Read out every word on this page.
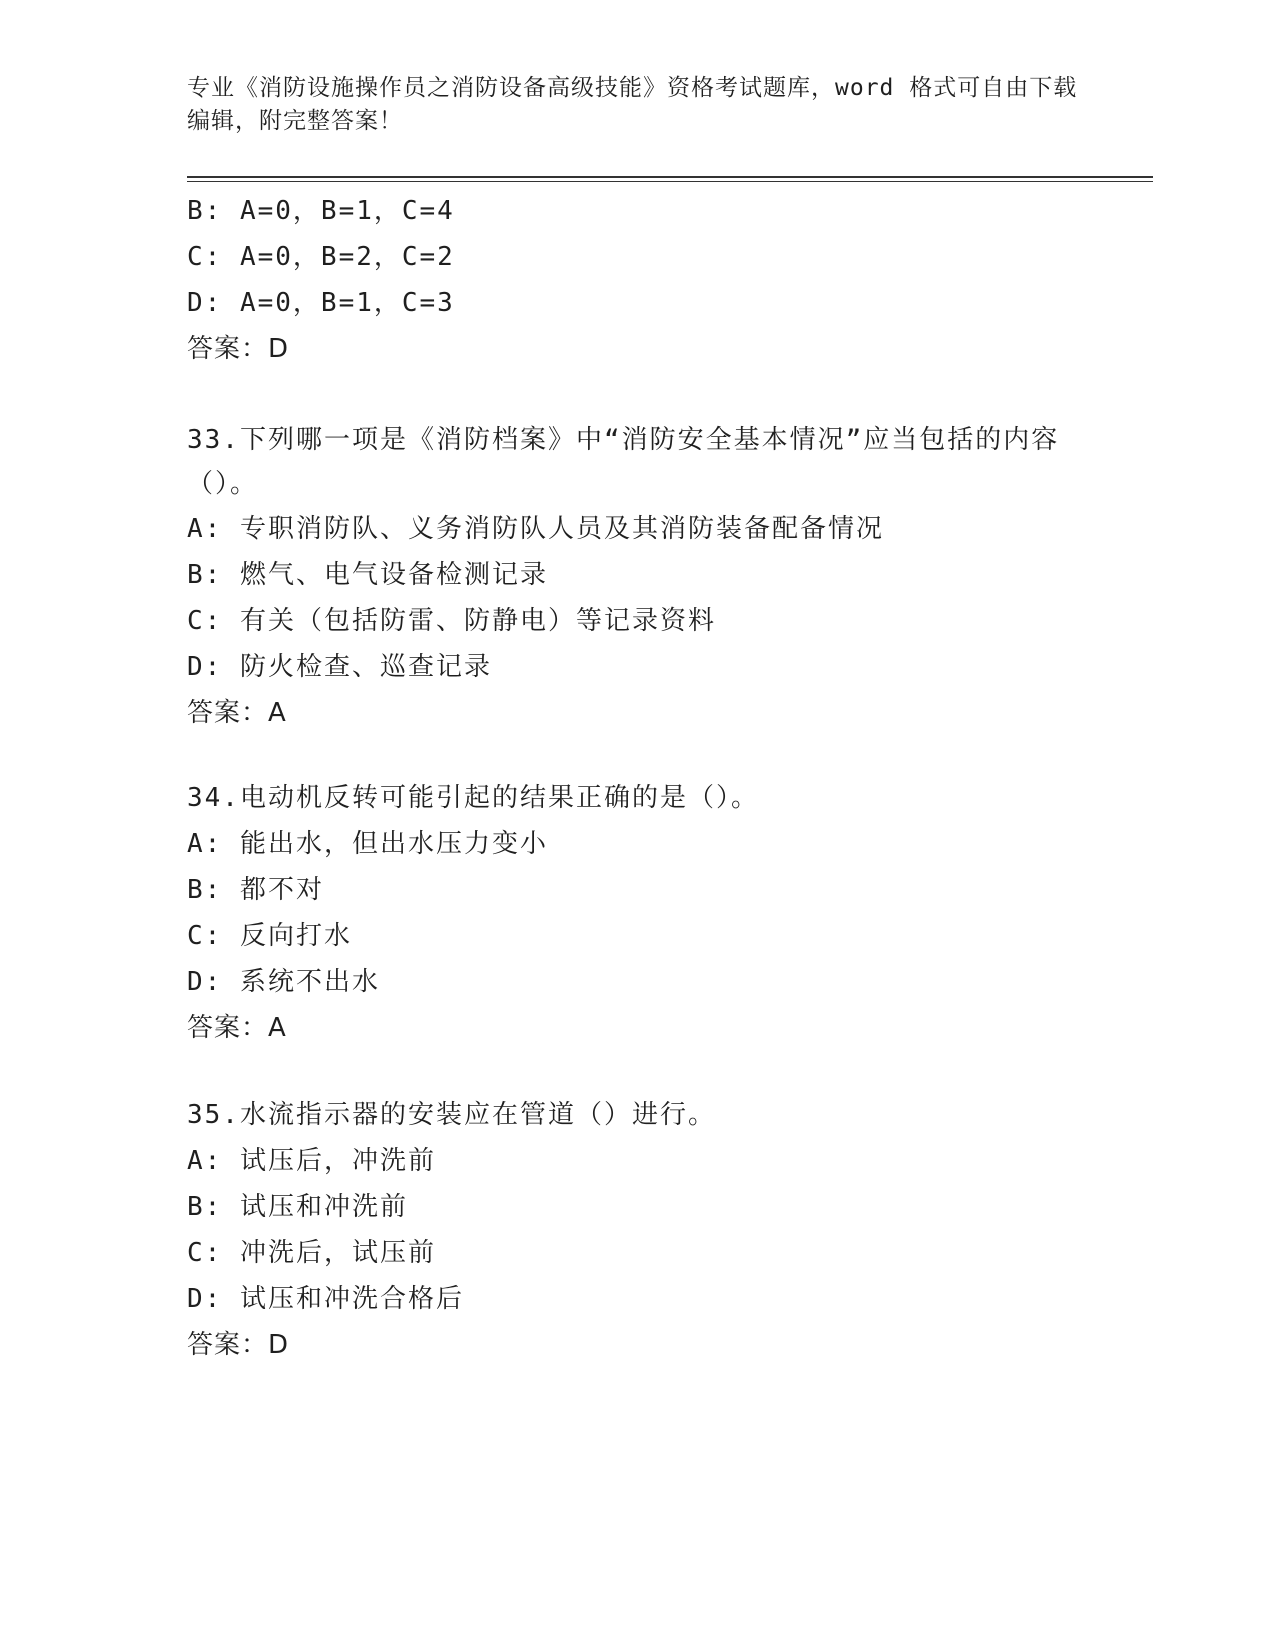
专业《消防设施操作员之消防设备高级技能》资格考试题库，word 格式可自由下载编辑，附完整答案！
B: A=0，B=1，C=4
C: A=0，B=2，C=2
D: A=0，B=1，C=3
答案：D
33.下列哪一项是《消防档案》中“消防安全基本情况”应当包括的内容（）。
A: 专职消防队、义务消防队人员及其消防装备配备情况
B: 燃气、电气设备检测记录
C: 有关（包括防雷、防静电）等记录资料
D: 防火检查、巡查记录
答案：A
34.电动机反转可能引起的结果正确的是（）。
A: 能出水，但出水压力变小
B: 都不对
C: 反向打水
D: 系统不出水
答案：A
35.水流指示器的安装应在管道（）进行。
A: 试压后，冲洗前
B: 试压和冲洗前
C: 冲洗后，试压前
D: 试压和冲洗合格后
答案：D
